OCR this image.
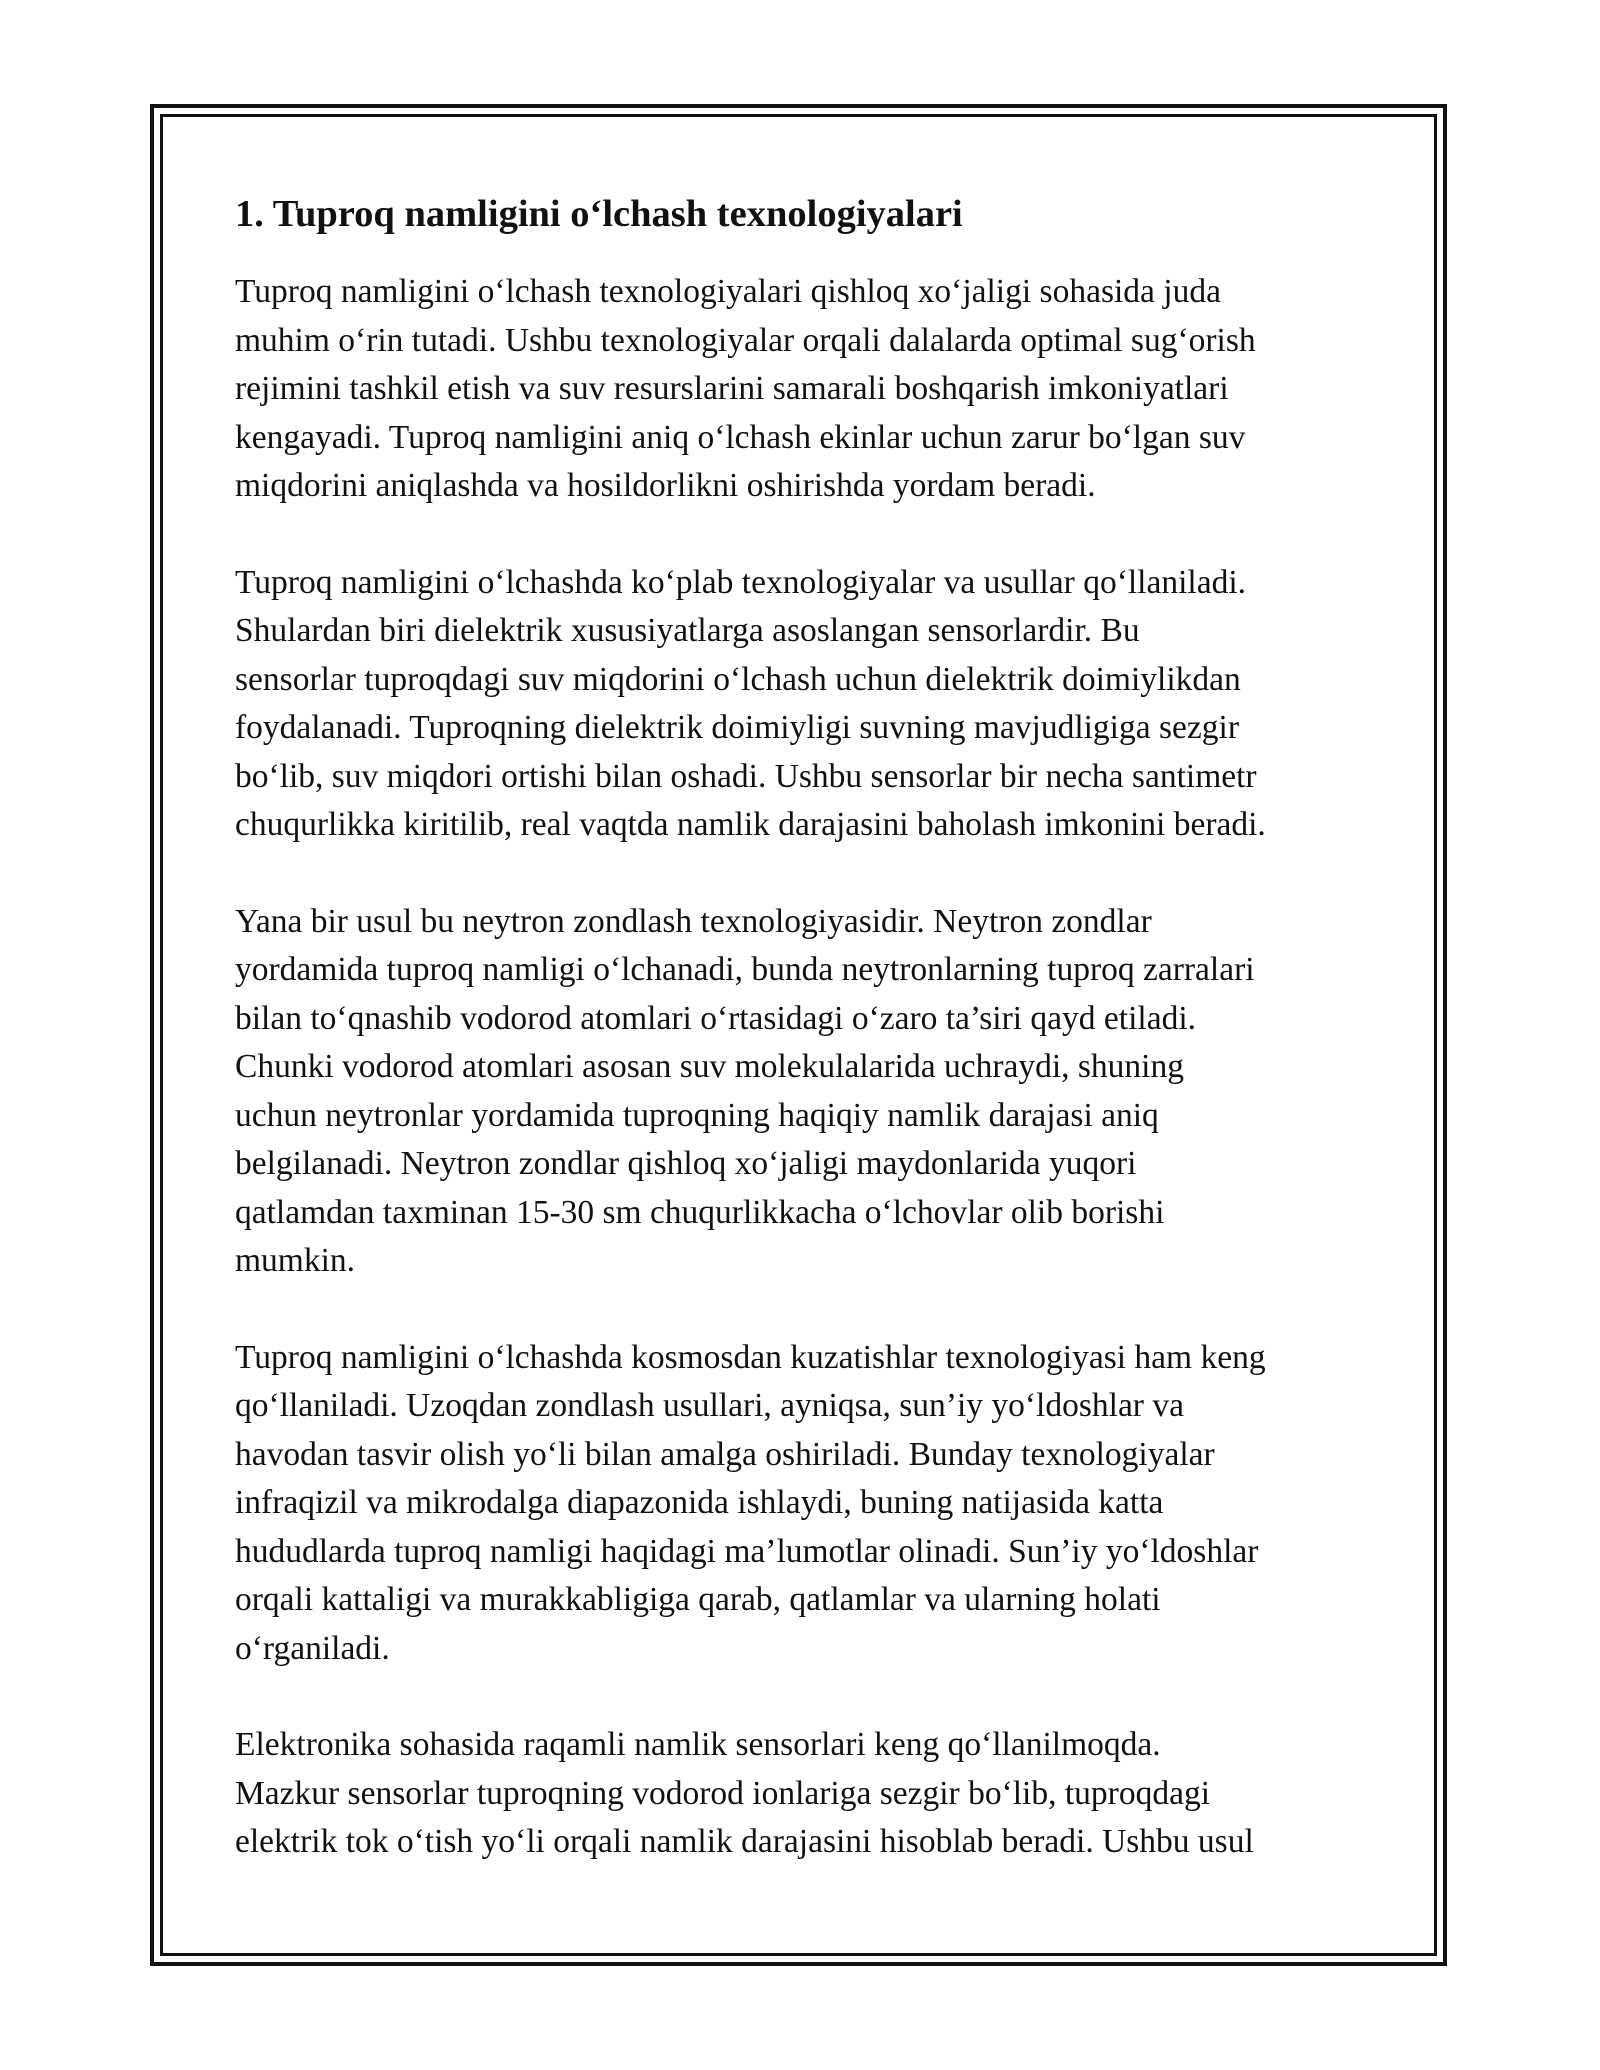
1. Tuproq namligini o‘lchash texnologiyalari

Tuproq namligini o‘lchash texnologiyalari qishloq xo‘jaligi sohasida juda
muhim o‘rin tutadi. Ushbu texnologiyalar orqali dalalarda optimal sug‘orish
rejimini tashkil etish va suv resurslarini samarali boshqarish imkoniyatlari
kengayadi. Tuproq namligini aniq o‘lchash ekinlar uchun zarur bo‘lgan suv
miqdorini aniqlashda va hosildorlikni oshirishda yordam beradi.

Tuproq namligini o‘lchashda ko‘plab texnologiyalar va usullar qo‘llaniladi.
Shulardan biri dielektrik xususiyatlarga asoslangan sensorlardir. Bu
sensorlar tuproqdagi suv miqdorini o‘lchash uchun dielektrik doimiylikdan
foydalanadi. Tuproqning dielektrik doimiyligi suvning mavjudligiga sezgir
bo‘lib, suv miqdori ortishi bilan oshadi. Ushbu sensorlar bir necha santimetr
chuqurlikka kiritilib, real vaqtda namlik darajasini baholash imkonini beradi.

Yana bir usul bu neytron zondlash texnologiyasidir. Neytron zondlar
yordamida tuproq namligi o‘lchanadi, bunda neytronlarning tuproq zarralari
bilan to‘qnashib vodorod atomlari o‘rtasidagi o‘zaro ta’siri qayd etiladi.
Chunki vodorod atomlari asosan suv molekulalarida uchraydi, shuning
uchun neytronlar yordamida tuproqning haqiqiy namlik darajasi aniq
belgilanadi. Neytron zondlar qishloq xo‘jaligi maydonlarida yuqori
qatlamdan taxminan 15-30 sm chuqurlikkacha o‘lchovlar olib borishi
mumkin.

Tuproq namligini o‘lchashda kosmosdan kuzatishlar texnologiyasi ham keng
qo‘llaniladi. Uzoqdan zondlash usullari, ayniqsa, sun’iy yo‘ldoshlar va
havodan tasvir olish yo‘li bilan amalga oshiriladi. Bunday texnologiyalar
infraqizil va mikrodalga diapazonida ishlaydi, buning natijasida katta
hududlarda tuproq namligi haqidagi ma’lumotlar olinadi. Sun’iy yo‘ldoshlar
orqali kattaligi va murakkabligiga qarab, qatlamlar va ularning holati
o‘rganiladi.

Elektronika sohasida raqamli namlik sensorlari keng qo‘llanilmoqda.
Mazkur sensorlar tuproqning vodorod ionlariga sezgir bo‘lib, tuproqdagi
elektrik tok o‘tish yo‘li orqali namlik darajasini hisoblab beradi. Ushbu usul
